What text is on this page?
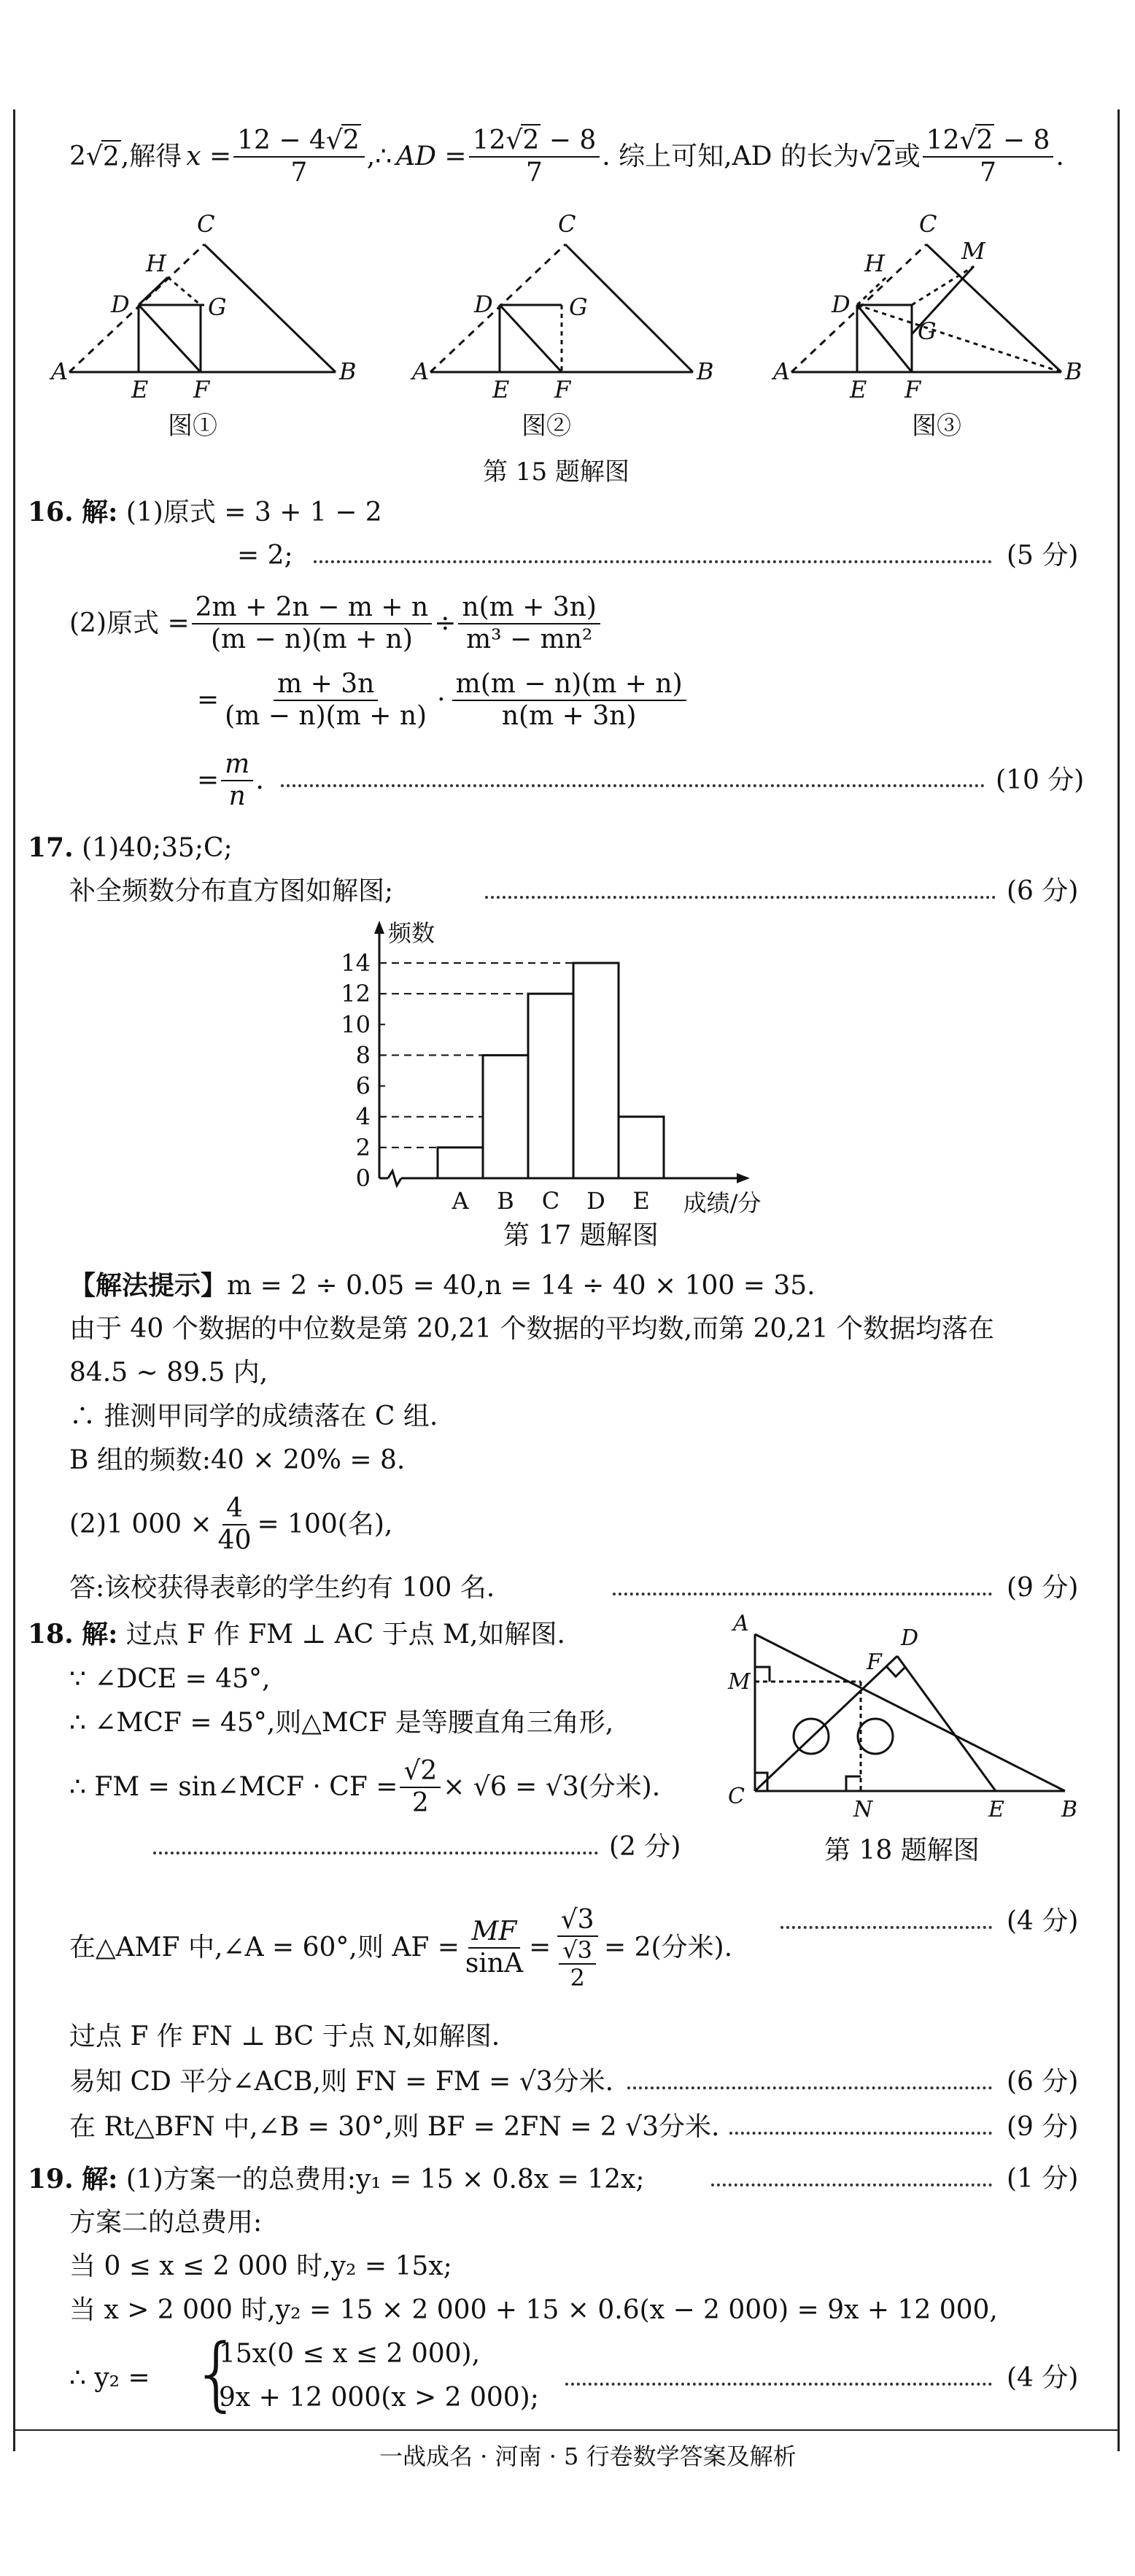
2 √ 2 ,解得 $x = \frac{12 - 4√2}{7}$ ,∴ AD = $\frac{12√2 - 8}{7}$ . 综上可知,AD 的长为 √ 2 或
12√2 − 8
7
.
C
H
D	G
A
E F
B
C
D	G
A
E F
B
C
H	M
D
G
A
E F
B
图①	图②	图③
第 15 题解图
16. 解: (1)原式 = 3 + 1 − 2
= 2;	(5 分)
(2)原式 = $\frac{2m + 2n - m + n}{(m - n)(m + n)} \div \frac{n(m + 3n)}{\text{m³ − mn²}}$
= $\frac{m + 3n}{(m - n)(m + n)} \cdot \frac{m(m - n)(m + n)}{n(m + 3n)}$
= $\frac{m}{n}$ .	(10 分)
17. (1)40;35;C;
补全频数分布直方图如解图;	(6 分)
0
2
4
6
8
10
12
14
A B C D E
频数
成绩/分
第 17 题解图
【解法提示】m = 2 ÷ 0.05 = 40,n = 14 ÷ 40 × 100 = 35.
由于 40 个数据的中位数是第 20,21 个数据的平均数,而第 20,21 个数据均落在
84.5 ~ 89.5 内,
∴ 推测甲同学的成绩落在 C 组.
B 组的频数:40 × 20% = 8.
(2)1 $000 \times \frac{4}{40} = 100$(名),
答:该校获得表彰的学生约有 100 名.	(9 分)
18. 解: 过点 F 作 FM ⊥ AC 于点 M,如解图.
∵ ∠DCE = 45°,
∴ ∠MCF = 45°,则△MCF 是等腰直角三角形,
∴ FM = sin∠MCF · CF = $\frac{√2}{2} \times √6 = √3$(分米).
(2 分)
A
D
F
M
C
N	E	B
第 18 题解图
在△AMF 中,∠A = 60°,则 AF = $\frac{MF}{\sin A} = \frac{√3}{\frac{√3}{2}} = 2$(分米).
(4 分)
过点 F 作 FN ⊥ BC 于点 N,如解图.
易知 CD 平分∠ACB,则 FN = FM = √3分米.	(6 分)
在 Rt△BFN 中,∠B = 30°,则 BF = 2FN = 2 √3分米.	(9 分)
19. 解: (1)方案一的总费用:y₁ = 15 × 0.8x = 12x;	(1 分)
方案二的总费用:
当 0 ≤ x ≤ 2 000 时,y₂ = 15x;
当 x > 2 000 时,y₂ = 15 × 2 000 + 15 × 0.6(x − 2 000) = 9x + 12 000,
∴ y₂ = {
15x(0 ≤ x ≤ 2 000),
9x + 12 000(x > 2 000);
(4 分)
一战成名 · 河南 · 5 行卷数学答案及解析
